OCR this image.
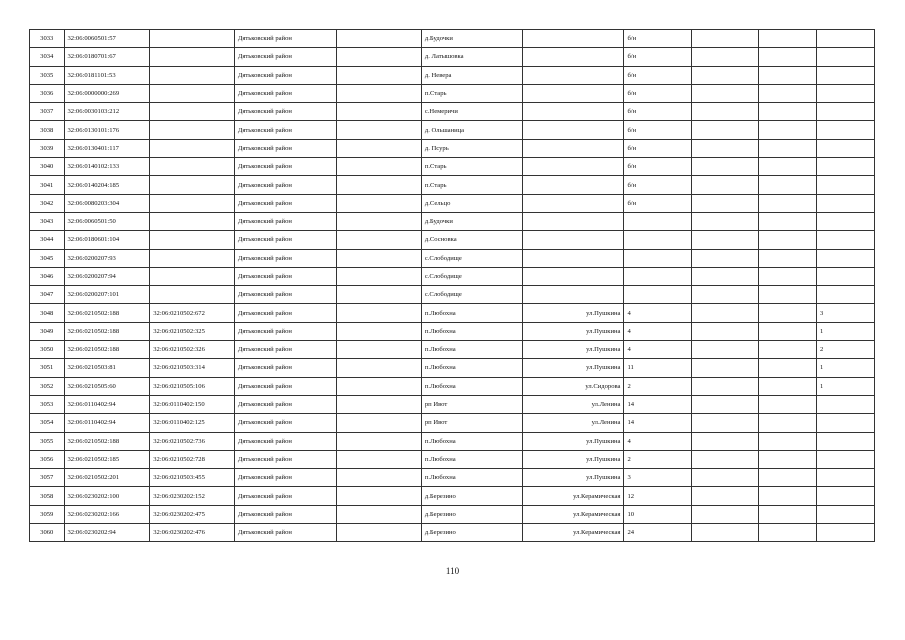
3033	32:06:0060501:57		Дятьковский район		д.Будочки		б/н			
3034	32:06:0180701:67		Дятьковский район		д. Латышовка		б/н			
3035	32:06:0181101:53		Дятьковский район		д. Невера		б/н			
3036	32:06:0000000:269		Дятьковский район		п.Старь		б/н			
3037	32:06:0030103:212		Дятьковский район		с.Немеричи		б/н			
3038	32:06:0130101:176		Дятьковский район		д. Ольшаница		б/н			
3039	32:06:0130401:117		Дятьковский район		д. Псурь		б/н			
3040	32:06:0140102:133		Дятьковский район		п.Старь		б/н			
3041	32:06:0140204:185		Дятьковский район		п.Старь		б/н			
3042	32:06:0080203:304		Дятьковский район		д.Сельцо		б/н			
3043	32:06:0060501:50		Дятьковский район		д.Будочки					
3044	32:06:0180601:104		Дятьковский район		д.Сосновка					
3045	32:06:0200207:93		Дятьковский район		с.Слободище					
3046	32:06:0200207:94		Дятьковский район		с.Слободище					
3047	32:06:0200207:101		Дятьковский район		с.Слободище					
3048	32:06:0210502:188	32:06:0210502:672	Дятьковский район		п.Любохна	ул.Пушкина	4			3
3049	32:06:0210502:188	32:06:0210502:325	Дятьковский район		п.Любохна	ул.Пушкина	4			1
3050	32:06:0210502:188	32:06:0210502:326	Дятьковский район		п.Любохна	ул.Пушкина	4			2
3051	32:06:0210503:81	32:06:0210503:314	Дятьковский район		п.Любохна	ул.Пушкина	11			1
3052	32:06:0210505:60	32:06:0210505:106	Дятьковский район		п.Любохна	ул.Сидорова	2			1
3053	32:06:0110402:94	32:06:0110402:150	Дятьковский район		рп Ивот	ул.Ленина	14			
3054	32:06:0110402:94	32:06:0110402:125	Дятьковский район		рп Ивот	ул.Ленина	14			
3055	32:06:0210502:188	32:06:0210502:736	Дятьковский район		п.Любохна	ул.Пушкина	4			
3056	32:06:0210502:185	32:06:0210502:728	Дятьковский район		п.Любохна	ул.Пушкина	2			
3057	32:06:0210502:201	32:06:0210503:455	Дятьковский район		п.Любохна	ул.Пушкина	3			
3058	32:06:0230202:100	32:06:0230202:152	Дятьковский район		д.Березино	ул.Керамическая	12			
3059	32:06:0230202:166	32:06:0230202:475	Дятьковский район		д.Березино	ул.Керамическая	10			
3060	32:06:0230202:94	32:06:0230202:476	Дятьковский район		д.Березино	ул.Керамическая	24			
110
